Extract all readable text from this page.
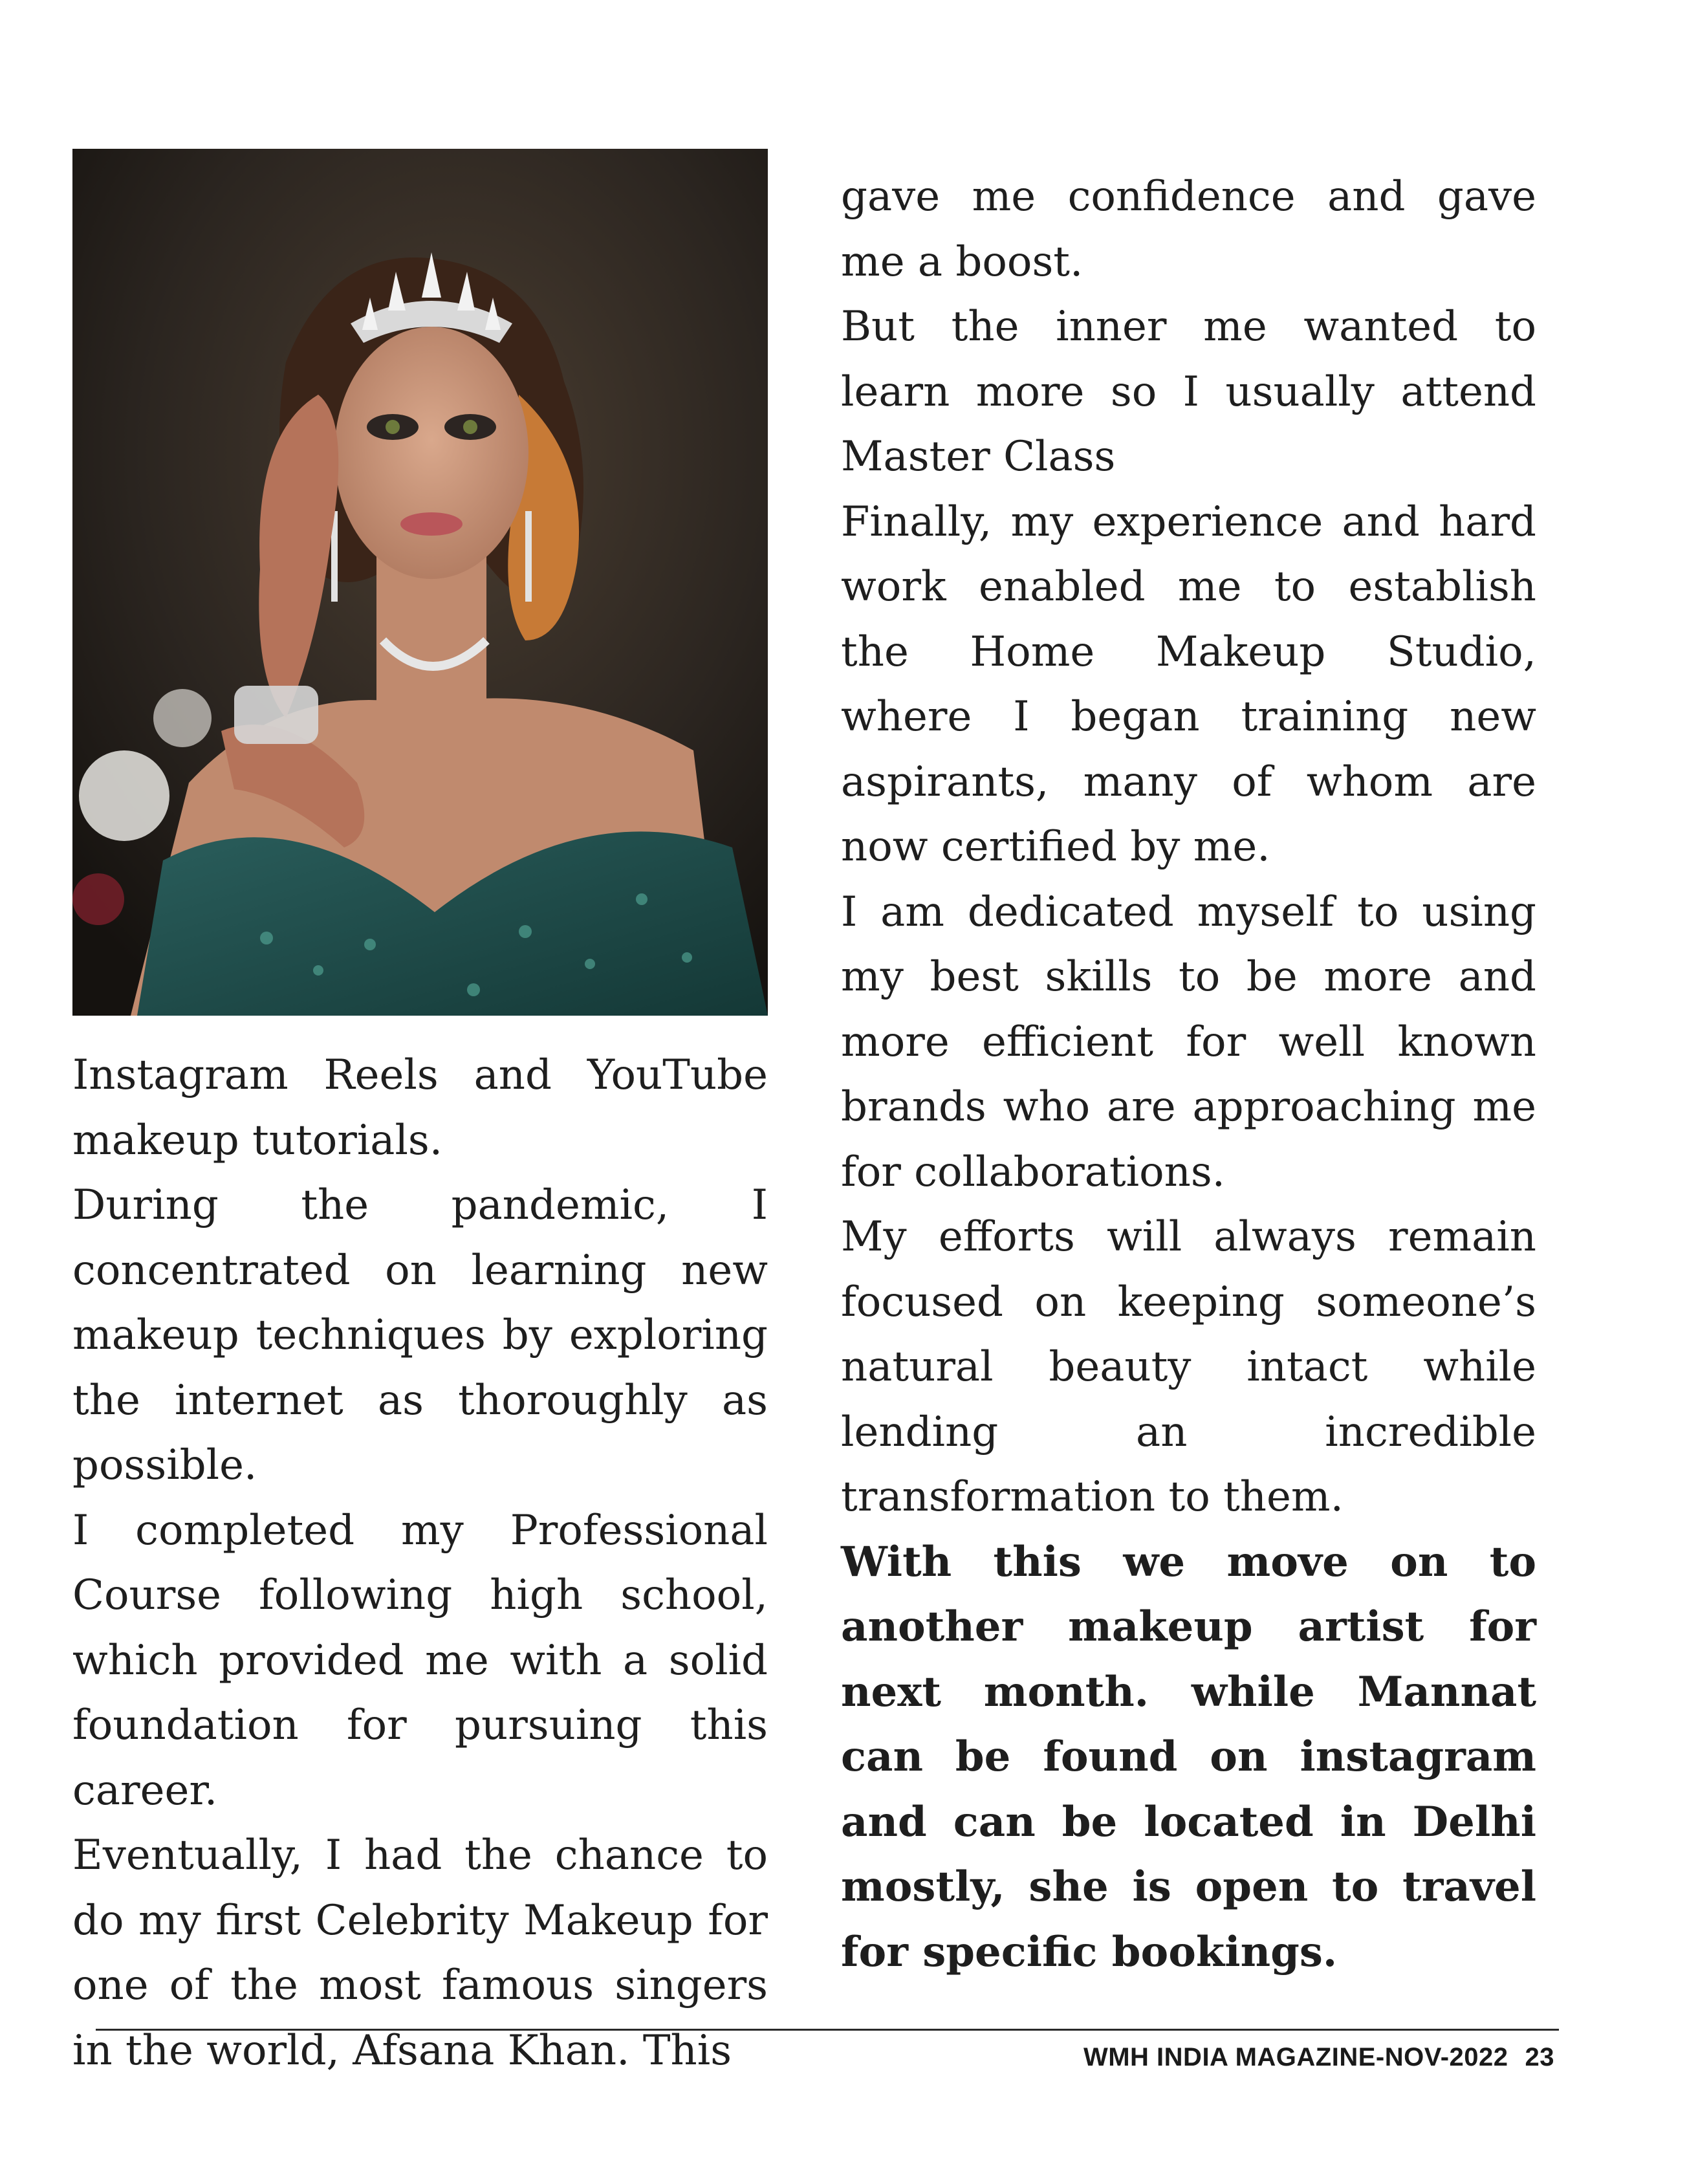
Instagram Reels and YouTube makeup tutorials.

During the pandemic, I concentrated on learning new makeup techniques by exploring the internet as thoroughly as possible.

I completed my Professional Course following high school, which provided me with a solid foundation for pursuing this career.

Eventually, I had the chance to do my first Celebrity Makeup for one of the most famous singers in the world, Afsana Khan. This

gave me confidence and gave me a boost.

But the inner me wanted to learn more so I usually attend Master Class

Finally, my experience and hard work enabled me to establish the Home Makeup Studio, where I began training new aspirants, many of whom are now certified by me.

I am dedicated myself to using my best skills to be more and more efficient for well known brands who are approaching me for collaborations.

My efforts will always remain focused on keeping someone’s natural beauty intact while lending an incredible transformation to them.

With this we move on to another makeup artist for next month. while Mannat can be found on instagram and can be located in Delhi mostly, she is open to travel for specific bookings.

WMH INDIA MAGAZINE-NOV-2022 23
